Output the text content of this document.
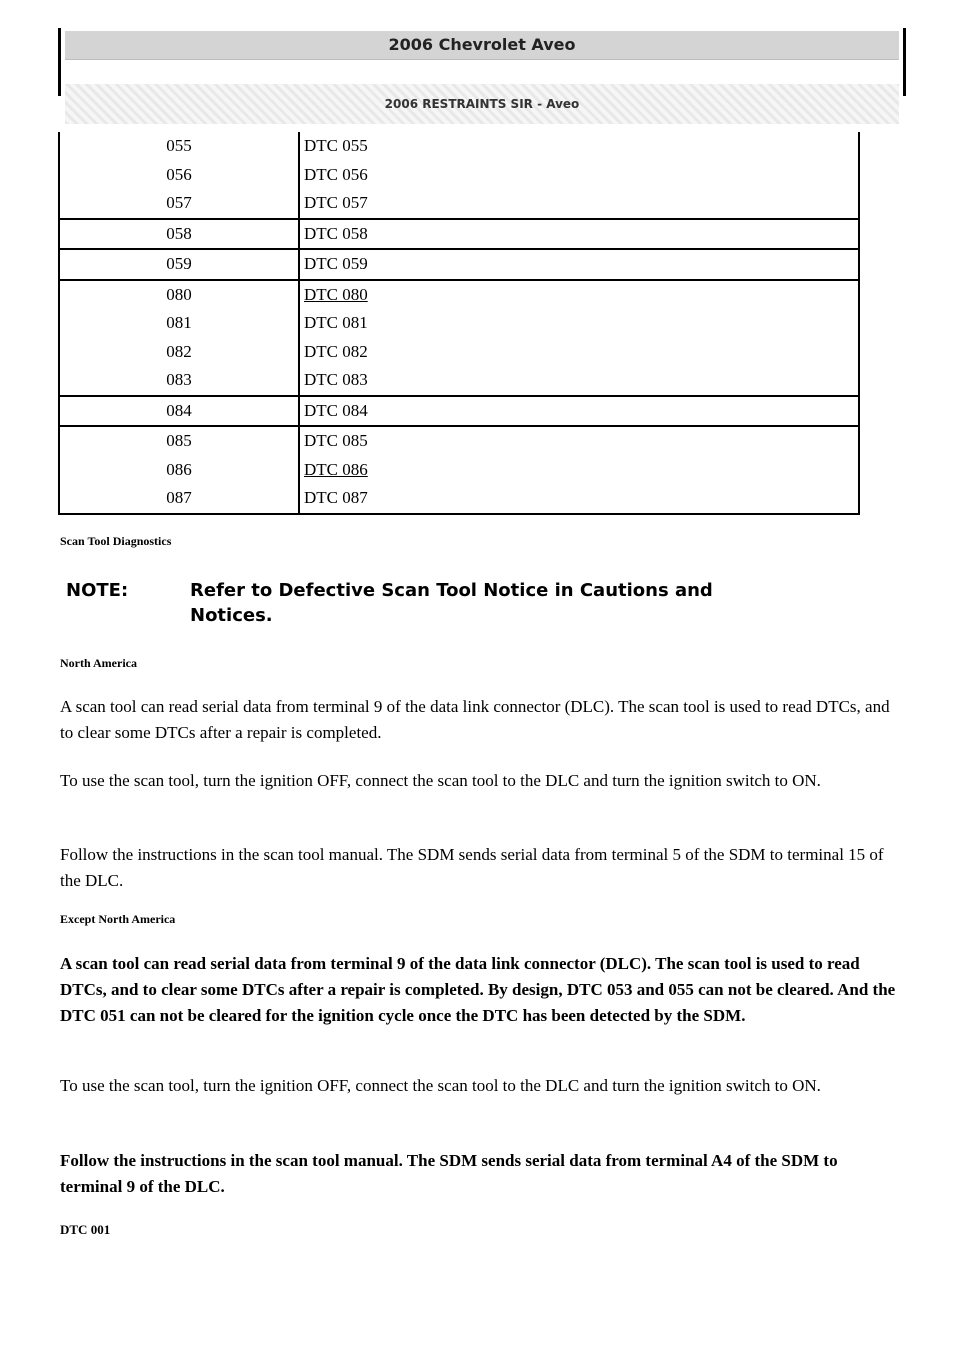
2006 Chevrolet Aveo
2006 RESTRAINTS SIR - Aveo
055	DTC 055
056	DTC 056
057	DTC 057
058	DTC 058
059	DTC 059
080	DTC 080
081	DTC 081
082	DTC 082
083	DTC 083
084	DTC 084
085	DTC 085
086	DTC 086
087	DTC 087
Scan Tool Diagnostics
NOTE:	Refer to Defective Scan Tool Notice in Cautions and Notices.
North America

A scan tool can read serial data from terminal 9 of the data link connector (DLC). The scan tool is used to read DTCs, and to clear some DTCs after a repair is completed.

To use the scan tool, turn the ignition OFF, connect the scan tool to the DLC and turn the ignition switch to ON.

Follow the instructions in the scan tool manual. The SDM sends serial data from terminal 5 of the SDM to terminal 15 of the DLC.

Except North America

A scan tool can read serial data from terminal 9 of the data link connector (DLC). The scan tool is used to read DTCs, and to clear some DTCs after a repair is completed. By design, DTC 053 and 055 can not be cleared. And the DTC 051 can not be cleared for the ignition cycle once the DTC has been detected by the SDM.

To use the scan tool, turn the ignition OFF, connect the scan tool to the DLC and turn the ignition switch to ON.

Follow the instructions in the scan tool manual. The SDM sends serial data from terminal A4 of the SDM to terminal 9 of the DLC.

DTC 001
